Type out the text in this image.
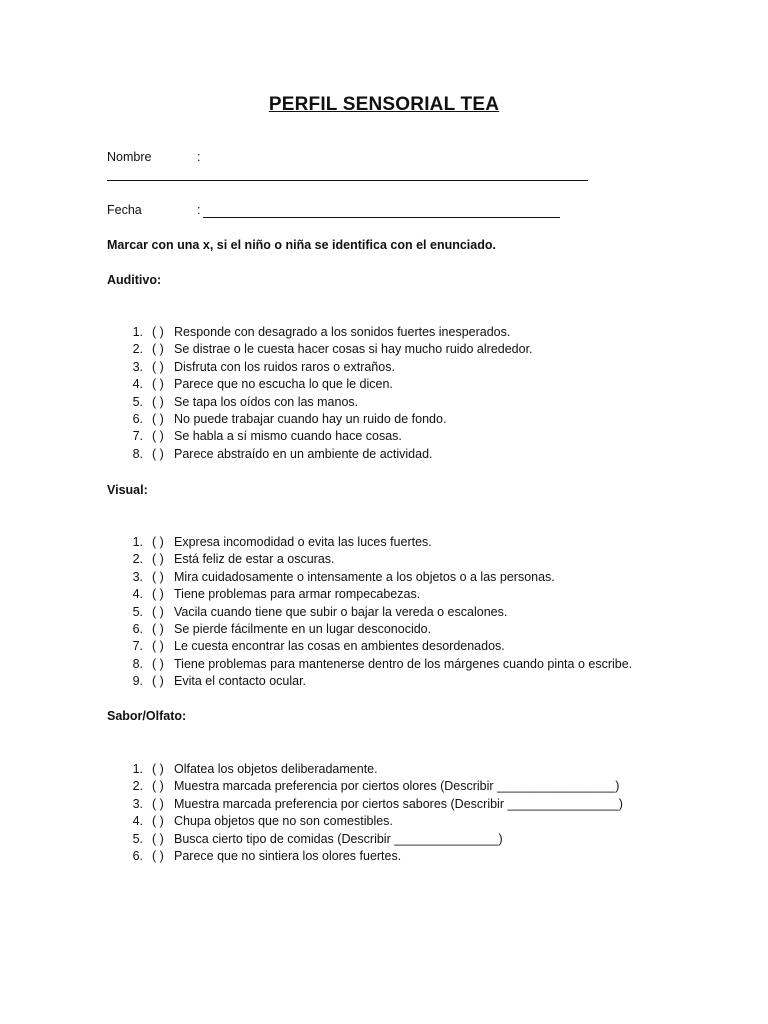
PERFIL SENSORIAL TEA
Nombre	:
Fecha	:
Marcar con una x, si el niño o niña se identifica con el enunciado.
Auditivo:
1. ( ) Responde con desagrado a los sonidos fuertes inesperados.
2. ( ) Se distrae o le cuesta hacer cosas si hay mucho ruido alrededor.
3. ( ) Disfruta con los ruidos raros o extraños.
4. ( ) Parece que no escucha lo que le dicen.
5. ( ) Se tapa los oídos con las manos.
6. ( ) No puede trabajar cuando hay un ruido de fondo.
7. ( ) Se habla a sí mismo cuando hace cosas.
8. ( ) Parece abstraído en un ambiente de actividad.
Visual:
1. ( ) Expresa incomodidad o evita las luces fuertes.
2. ( ) Está feliz de estar a oscuras.
3. ( ) Mira cuidadosamente o intensamente a los objetos o a las personas.
4. ( ) Tiene problemas para armar rompecabezas.
5. ( ) Vacila cuando tiene que subir o bajar la vereda o escalones.
6. ( ) Se pierde fácilmente en un lugar desconocido.
7. ( ) Le cuesta encontrar las cosas en ambientes desordenados.
8. ( ) Tiene problemas para mantenerse dentro de los márgenes cuando pinta o escribe.
9. ( ) Evita el contacto ocular.
Sabor/Olfato:
1. ( ) Olfatea los objetos deliberadamente.
2. ( ) Muestra marcada preferencia por ciertos olores (Describir _________________)
3. ( ) Muestra marcada preferencia por ciertos sabores (Describir ________________)
4. ( ) Chupa objetos que no son comestibles.
5. ( ) Busca cierto tipo de comidas (Describir _______________)
6. ( ) Parece que no sintiera los olores fuertes.
